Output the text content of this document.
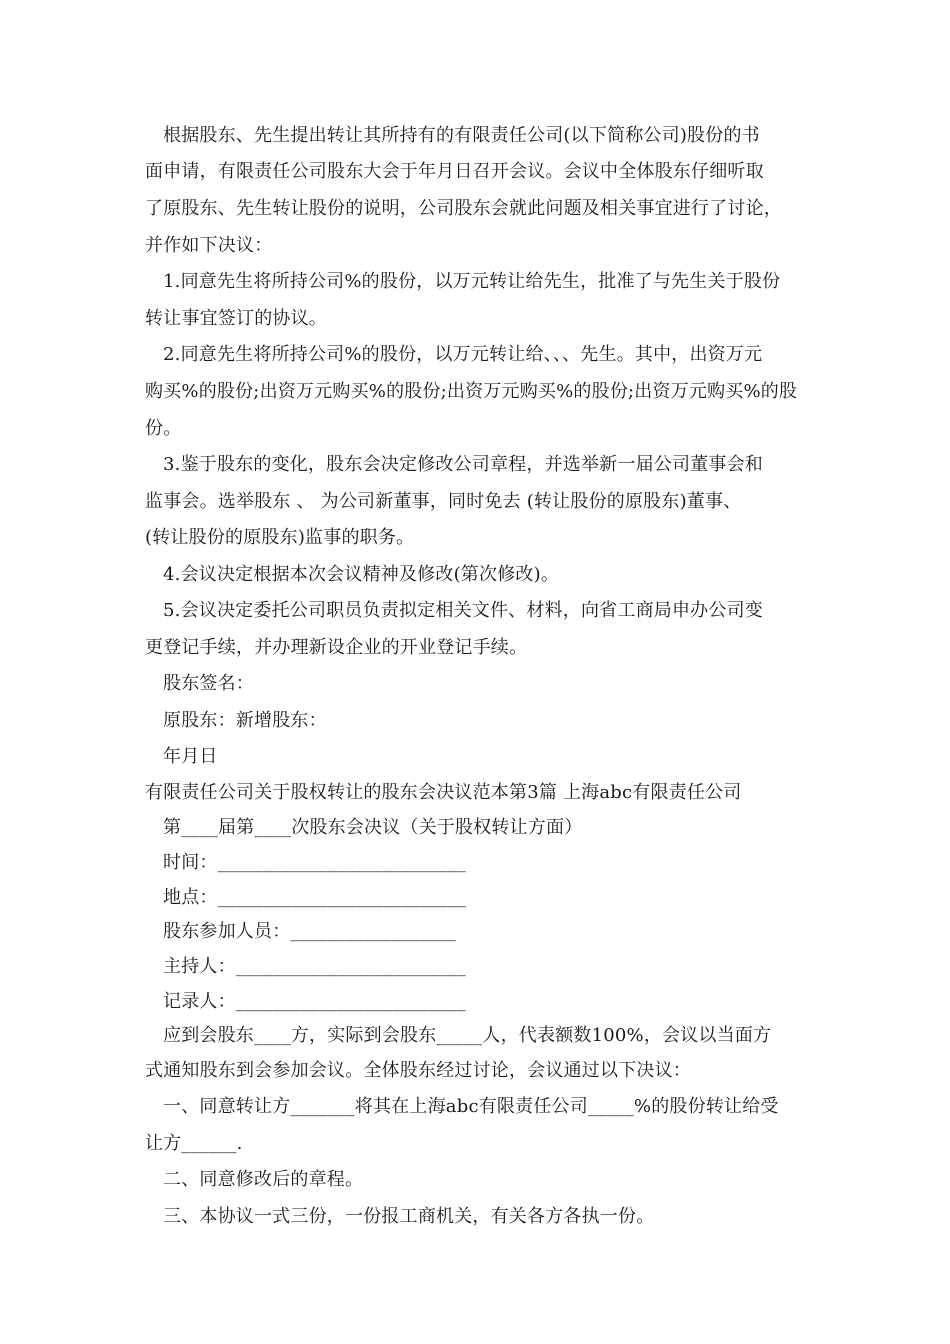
根据股东、先生提出转让其所持有的有限责任公司(以下简称公司)股份的书
面申请，有限责任公司股东大会于年月日召开会议。会议中全体股东仔细听取
了原股东、先生转让股份的说明，公司股东会就此问题及相关事宜进行了讨论，
并作如下决议：
1.同意先生将所持公司%的股份，以万元转让给先生，批准了与先生关于股份
转让事宜签订的协议。
2.同意先生将所持公司%的股份，以万元转让给、、、先生。其中，出资万元
购买%的股份;出资万元购买%的股份;出资万元购买%的股份;出资万元购买%的股
份。
3.鉴于股东的变化，股东会决定修改公司章程，并选举新一届公司董事会和
监事会。选举股东 、 为公司新董事，同时免去 (转让股份的原股东)董事、
(转让股份的原股东)监事的职务。
4.会议决定根据本次会议精神及修改(第次修改)。
5.会议决定委托公司职员负责拟定相关文件、材料，向省工商局申办公司变
更登记手续，并办理新设企业的开业登记手续。
股东签名：
原股东：新增股东：
年月日
有限责任公司关于股权转让的股东会决议范本第3篇 上海abc有限责任公司
第____届第____次股东会决议（关于股权转让方面）
时间：___________________________
地点：___________________________
股东参加人员：__________________
主持人：_________________________
记录人：_________________________
应到会股东____方，实际到会股东_____人，代表额数100%，会议以当面方
式通知股东到会参加会议。全体股东经过讨论，会议通过以下决议：
一、同意转让方_______将其在上海abc有限责任公司_____%的股份转让给受
让方______.
二、同意修改后的章程。
三、本协议一式三份，一份报工商机关，有关各方各执一份。
